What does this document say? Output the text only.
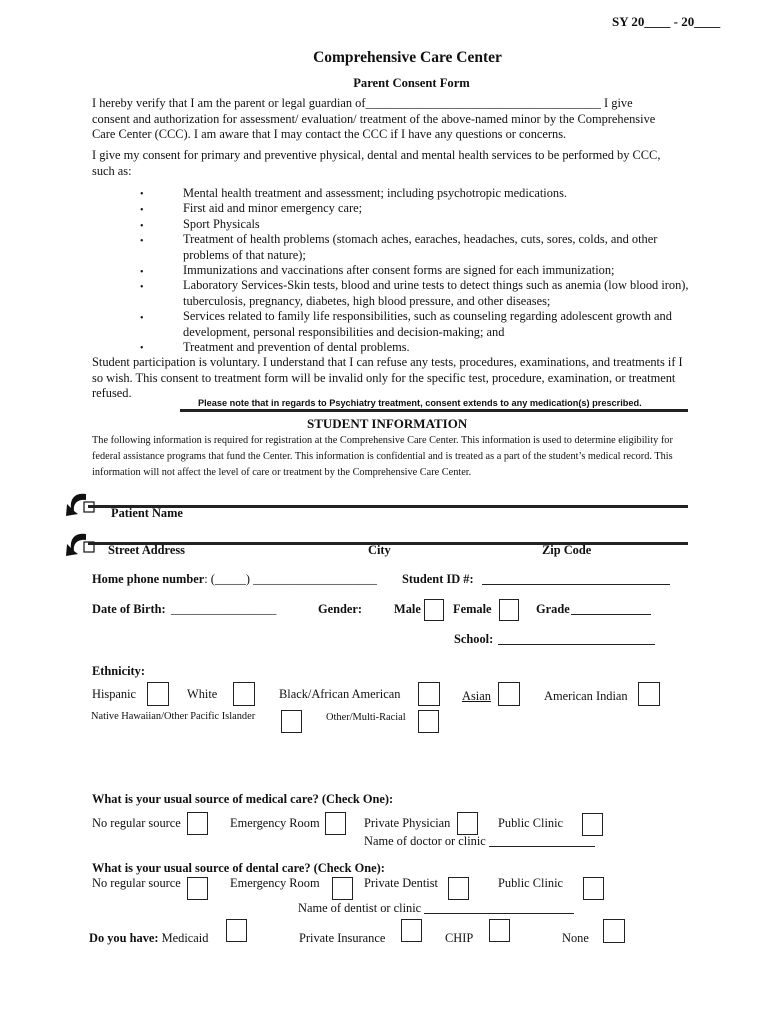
SY 20____ - 20____
Comprehensive Care Center
Parent Consent Form
I hereby verify that I am the parent or legal guardian of______________________________________ I give consent and authorization for assessment/ evaluation/ treatment of the above-named minor by the Comprehensive Care Center (CCC). I am aware that I may contact the CCC if I have any questions or concerns.
I give my consent for primary and preventive physical, dental and mental health services to be performed by CCC, such as:
•	Mental health treatment and assessment; including psychotropic medications.
•	First aid and minor emergency care;
•	Sport Physicals
•	Treatment of health problems (stomach aches, earaches, headaches, cuts, sores, colds, and other problems of that nature);
•	Immunizations and vaccinations after consent forms are signed for each immunization;
•	Laboratory Services-Skin tests, blood and urine tests to detect things such as anemia (low blood iron), tuberculosis, pregnancy, diabetes, high blood pressure, and other diseases;
•	Services related to family life responsibilities, such as counseling regarding adolescent growth and development, personal responsibilities and decision-making; and
•	Treatment and prevention of dental problems.
Student participation is voluntary. I understand that I can refuse any tests, procedures, examinations, and treatments if I so wish. This consent to treatment form will be invalid only for the specific test, procedure, examination, or treatment refused.
Please note that in regards to Psychiatry treatment, consent extends to any medication(s) prescribed.
STUDENT INFORMATION
The following information is required for registration at the Comprehensive Care Center. This information is used to determine eligibility for federal assistance programs that fund the Center. This information is confidential and is treated as a part of the student’s medical record. This information will not affect the level of care or treatment by the Comprehensive Care Center.
Patient Name
Street Address	City	Zip Code
Home phone number: (_____) ____________________ Student ID #:
Date of Birth: _________________	Gender:	Male	Female	Grade
School:
Ethnicity:
Hispanic	White	Black/African American	Asian	American Indian
Native Hawaiian/Other Pacific Islander	Other/Multi-Racial
What is your usual source of medical care? (Check One):
No regular source	Emergency Room	Private Physician	Public Clinic
Name of doctor or clinic
What is your usual source of dental care? (Check One):
No regular source	Emergency Room	Private Dentist	Public Clinic
Name of dentist or clinic
Do you have: Medicaid	Private Insurance	CHIP	None
